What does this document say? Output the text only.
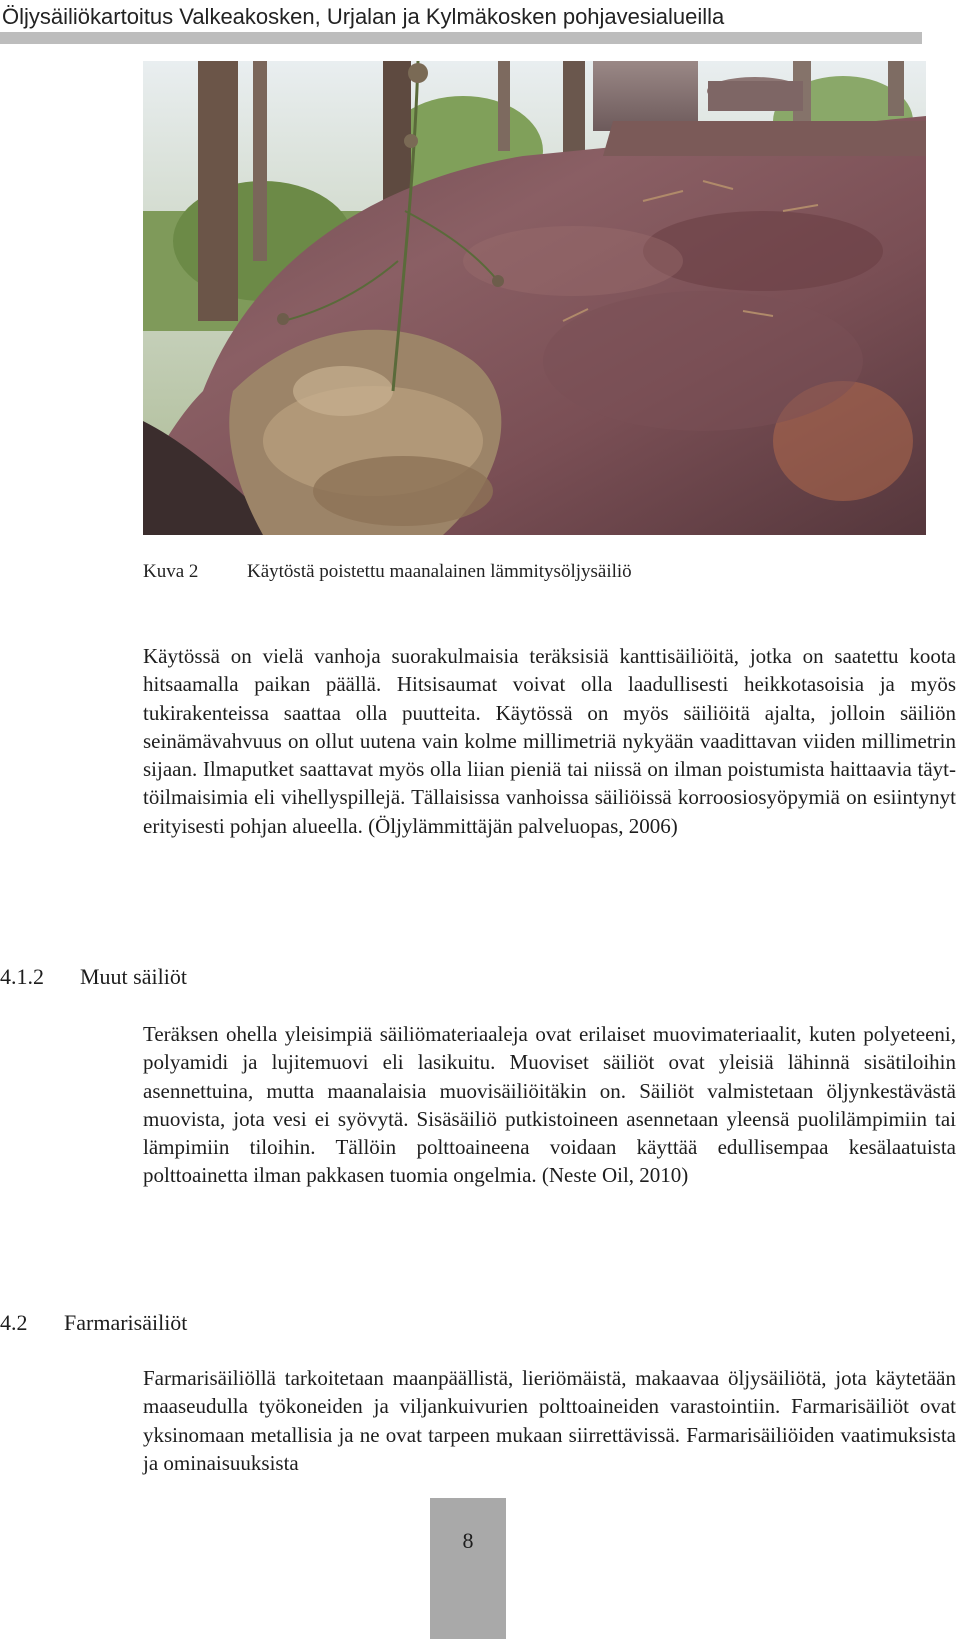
Öljysäiliökartoitus Valkeakosken, Urjalan ja Kylmäkosken pohjavesialueilla
Kuva 2	Käytöstä poistettu maanalainen lämmitysöljysäiliö

Käytössä on vielä vanhoja suorakulmaisia teräksisiä kanttisäiliöitä, jotka on saatettu koota hitsaamalla paikan päällä. Hitsisaumat voivat olla laadullisesti heikkotasoisia ja myös tukirakenteissa saattaa olla puutteita. Käytössä on myös säiliöitä ajalta, jolloin säiliön seinämävahvuus on ollut uutena vain kolme millimetriä nykyään vaadittavan viiden millimetrin sijaan. Ilmaputket saattavat myös olla liian pieniä tai niissä on ilman poistumista haittaavia täyttöilmaisimia eli vihellyspillejä. Tällaisissa vanhoissa säiliöissä korroosiosyöpymiä on esiintynyt erityisesti pohjan alueella. (Öljylämmittäjän palveluopas, 2006)

4.1.2 Muut säiliöt

Teräksen ohella yleisimpiä säiliömateriaaleja ovat erilaiset muovimateriaalit, kuten polyeteeni, polyamidi ja lujitemuovi eli lasikuitu. Muoviset säiliöt ovat yleisiä lähinnä sisätiloihin asennettuina, mutta maanalaisia muovisäiliöitäkin on. Säiliöt valmistetaan öljynkestävästä muovista, jota vesi ei syövytä. Sisäsäiliö putkistoineen asennetaan yleensä puolilämpimiin tai lämpimiin tiloihin. Tällöin polttoaineena voidaan käyttää edullisempaa kesälaatuista polttoainetta ilman pakkasen tuomia ongelmia. (Neste Oil, 2010)

4.2 Farmarisäiliöt

Farmarisäiliöllä tarkoitetaan maanpäällistä, lieriömäistä, makaavaa öljysäiliötä, jota käytetään maaseudulla työkoneiden ja viljankuivurien polttoaineiden varastointiin. Farmarisäiliöt ovat yksinomaan metallisia ja ne ovat tarpeen mukaan siirrettävissä. Farmarisäiliöiden vaatimuksista ja ominaisuuksista

8
